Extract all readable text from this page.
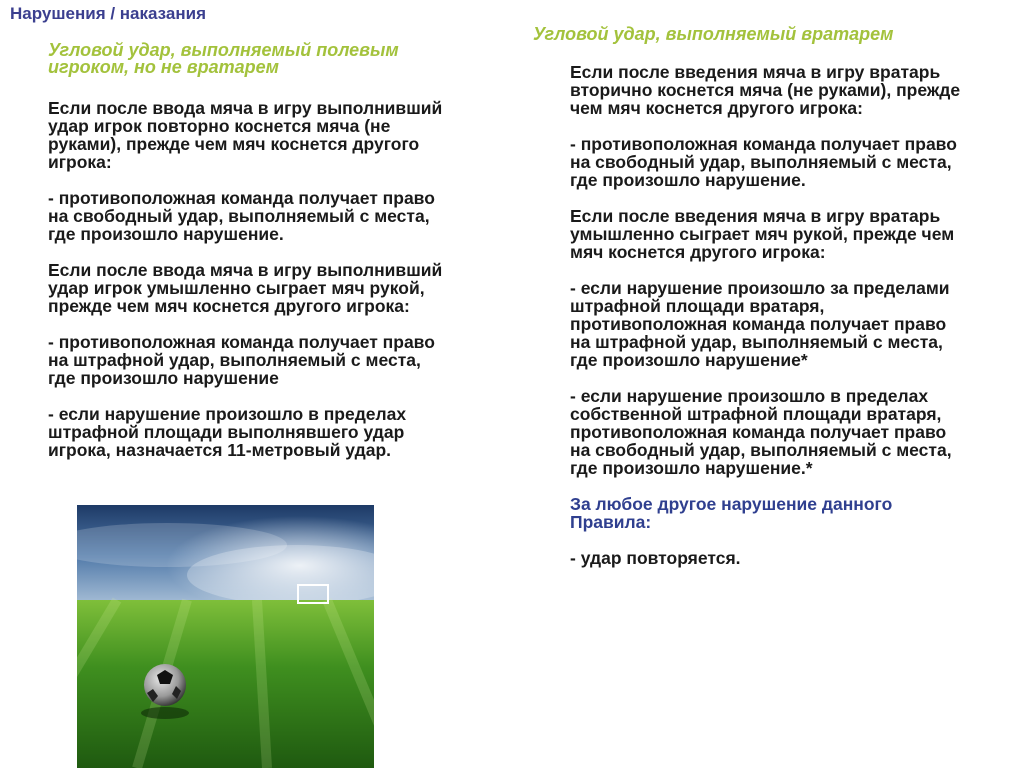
Нарушения / наказания
Угловой удар, выполняемый полевым
игроком, но не вратарем
Если после ввода мяча в игру выполнивший
удар игрок повторно коснется мяча (не
руками), прежде чем мяч коснется другого
игрока:
- противоположная команда получает право
на свободный удар, выполняемый с места,
где произошло нарушение.
Если после ввода мяча в игру выполнивший
удар игрок умышленно сыграет мяч рукой,
прежде чем мяч коснется другого игрока:
- противоположная команда получает право
на штрафной удар, выполняемый с места,
где произошло нарушение
- если нарушение произошло в пределах
штрафной площади выполнявшего удар
игрока, назначается 11-метровый удар.
Угловой удар, выполняемый вратарем
Если после введения мяча в игру вратарь
вторично коснется мяча (не руками), прежде
чем мяч коснется другого игрока:
- противоположная команда получает право
на свободный удар, выполняемый с места,
где произошло нарушение.
Если после введения мяча в игру вратарь
умышленно сыграет мяч рукой, прежде чем
мяч коснется другого игрока:
- если нарушение произошло за пределами
штрафной площади вратаря,
противоположная команда получает право
на штрафной удар, выполняемый с места,
где произошло нарушение*
- если нарушение произошло в пределах
собственной штрафной площади вратаря,
противоположная команда получает право
на свободный удар, выполняемый с места,
где произошло нарушение.*
За любое другое нарушение данного
Правила:
- удар повторяется.
